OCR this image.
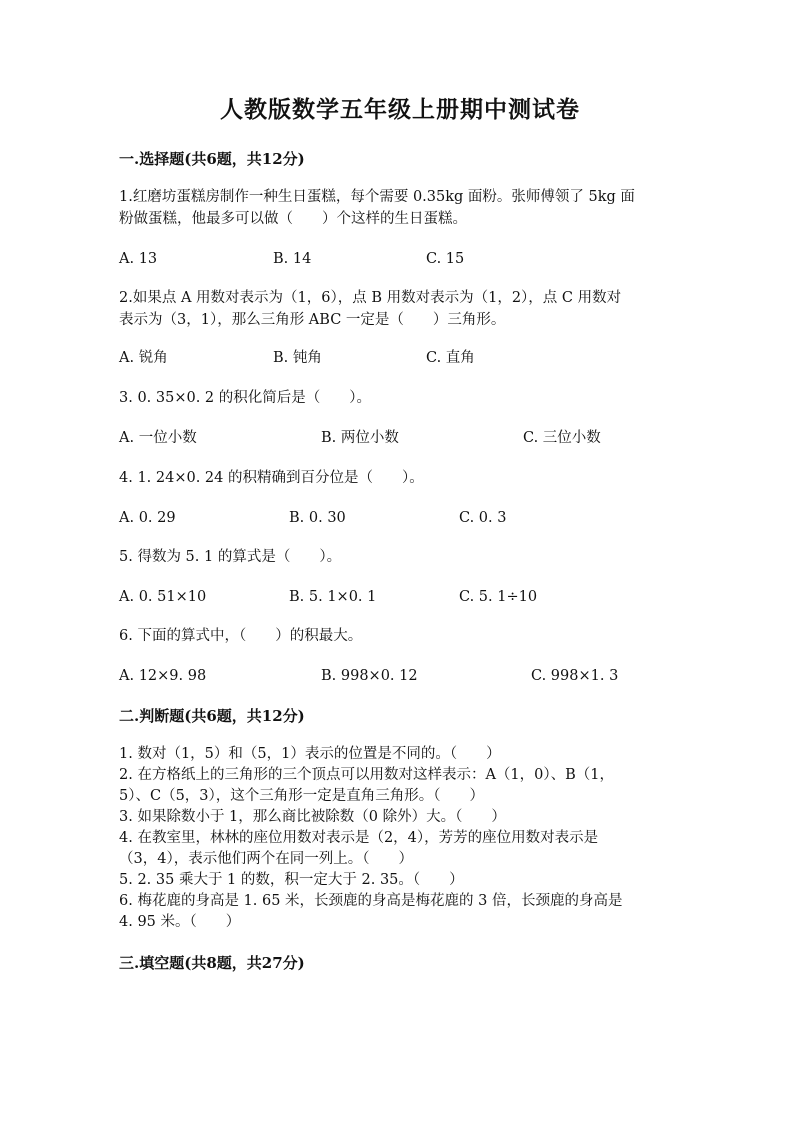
人教版数学五年级上册期中测试卷
一.选择题(共6题，共12分)
1.红磨坊蛋糕房制作一种生日蛋糕，每个需要 0.35kg 面粉。张师傅领了 5kg 面
粉做蛋糕，他最多可以做（　　）个这样的生日蛋糕。
A. 13	B. 14	C. 15
2.如果点 A 用数对表示为（1，6），点 B 用数对表示为（1，2），点 C 用数对
表示为（3，1），那么三角形 ABC 一定是（　　）三角形。
A. 锐角	B. 钝角	C. 直角
3. 0. 35×0. 2 的积化简后是（　　）。
A. 一位小数	B. 两位小数	C. 三位小数
4. 1. 24×0. 24 的积精确到百分位是（　　）。
A. 0. 29	B. 0. 30	C. 0. 3
5. 得数为 5. 1 的算式是（　　）。
A. 0. 51×10	B. 5. 1×0. 1	C. 5. 1÷10
6. 下面的算式中，（　　）的积最大。
A. 12×9. 98	B. 998×0. 12	C. 998×1. 3
二.判断题(共6题，共12分)
1. 数对（1，5）和（5，1）表示的位置是不同的。（　　）
2. 在方格纸上的三角形的三个顶点可以用数对这样表示：A（1，0）、B（1，
5）、C（5，3），这个三角形一定是直角三角形。（　　）
3. 如果除数小于 1，那么商比被除数（0 除外）大。（　　）
4. 在教室里，林林的座位用数对表示是（2，4），芳芳的座位用数对表示是
（3，4），表示他们两个在同一列上。（　　）
5. 2. 35 乘大于 1 的数，积一定大于 2. 35。（　　）
6. 梅花鹿的身高是 1. 65 米，长颈鹿的身高是梅花鹿的 3 倍，长颈鹿的身高是
4. 95 米。（　　）
三.填空题(共8题，共27分)
